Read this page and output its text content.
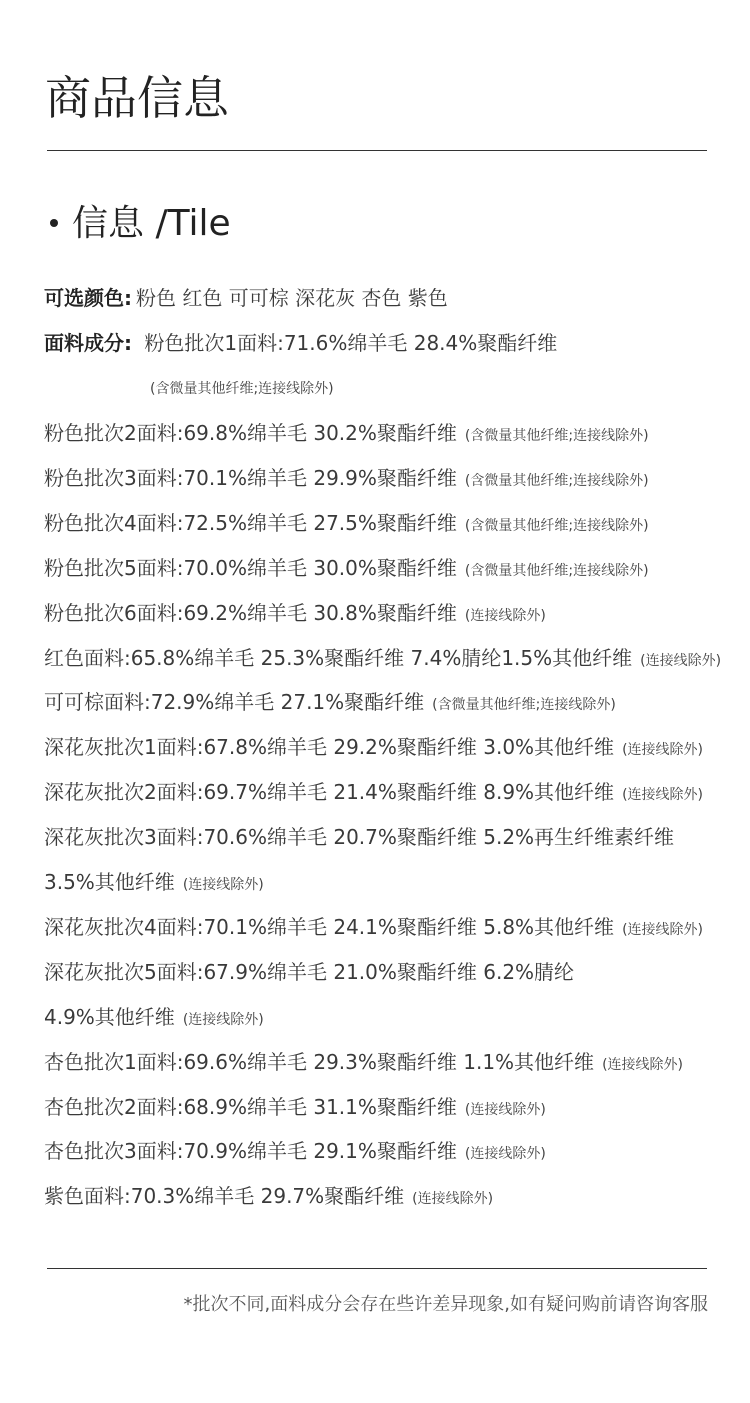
商品信息
信息 /Tile
可选颜色: 粉色 红色 可可棕 深花灰 杏色 紫色
面料成分: 粉色批次1面料:71.6%绵羊毛 28.4%聚酯纤维
(含微量其他纤维;连接线除外)
粉色批次2面料:69.8%绵羊毛 30.2%聚酯纤维 (含微量其他纤维;连接线除外)
粉色批次3面料:70.1%绵羊毛 29.9%聚酯纤维 (含微量其他纤维;连接线除外)
粉色批次4面料:72.5%绵羊毛 27.5%聚酯纤维 (含微量其他纤维;连接线除外)
粉色批次5面料:70.0%绵羊毛 30.0%聚酯纤维 (含微量其他纤维;连接线除外)
粉色批次6面料:69.2%绵羊毛 30.8%聚酯纤维 (连接线除外)
红色面料:65.8%绵羊毛 25.3%聚酯纤维 7.4%腈纶1.5%其他纤维 (连接线除外)
可可棕面料:72.9%绵羊毛 27.1%聚酯纤维 (含微量其他纤维;连接线除外)
深花灰批次1面料:67.8%绵羊毛 29.2%聚酯纤维 3.0%其他纤维 (连接线除外)
深花灰批次2面料:69.7%绵羊毛 21.4%聚酯纤维 8.9%其他纤维 (连接线除外)
深花灰批次3面料:70.6%绵羊毛 20.7%聚酯纤维 5.2%再生纤维素纤维
3.5%其他纤维 (连接线除外)
深花灰批次4面料:70.1%绵羊毛 24.1%聚酯纤维 5.8%其他纤维 (连接线除外)
深花灰批次5面料:67.9%绵羊毛 21.0%聚酯纤维 6.2%腈纶
4.9%其他纤维 (连接线除外)
杏色批次1面料:69.6%绵羊毛 29.3%聚酯纤维 1.1%其他纤维 (连接线除外)
杏色批次2面料:68.9%绵羊毛 31.1%聚酯纤维 (连接线除外)
杏色批次3面料:70.9%绵羊毛 29.1%聚酯纤维 (连接线除外)
紫色面料:70.3%绵羊毛 29.7%聚酯纤维 (连接线除外)
*批次不同,面料成分会存在些许差异现象,如有疑问购前请咨询客服
